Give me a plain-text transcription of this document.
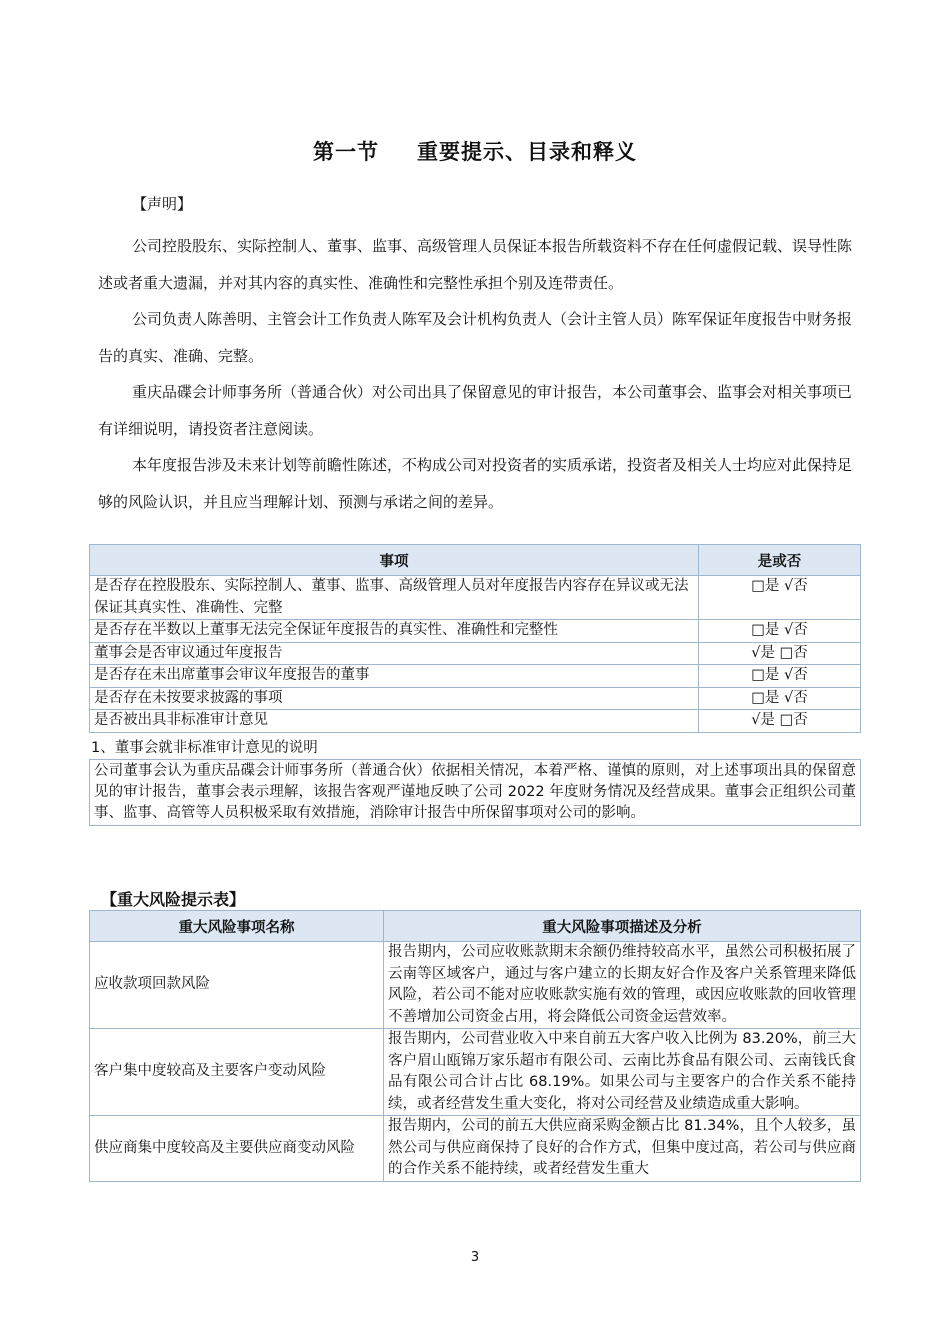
第一节 重要提示、目录和释义
【声明】

公司控股股东、实际控制人、董事、监事、高级管理人员保证本报告所载资料不存在任何虚假记载、误导性陈述或者重大遗漏，并对其内容的真实性、准确性和完整性承担个别及连带责任。

公司负责人陈善明、主管会计工作负责人陈军及会计机构负责人（会计主管人员）陈军保证年度报告中财务报告的真实、准确、完整。

重庆品碟会计师事务所（普通合伙）对公司出具了保留意见的审计报告，本公司董事会、监事会对相关事项已有详细说明，请投资者注意阅读。

本年度报告涉及未来计划等前瞻性陈述，不构成公司对投资者的实质承诺，投资者及相关人士均应对此保持足够的风险认识，并且应当理解计划、预测与承诺之间的差异。

事项	是或否
是否存在控股股东、实际控制人、董事、监事、高级管理人员对年度报告内容存在异议或无法保证其真实性、准确性、完整	□是 √否
是否存在半数以上董事无法完全保证年度报告的真实性、准确性和完整性	□是 √否
董事会是否审议通过年度报告	√是 □否
是否存在未出席董事会审议年度报告的董事	□是 √否
是否存在未按要求披露的事项	□是 √否
是否被出具非标准审计意见	√是 □否
1、董事会就非标准审计意见的说明
公司董事会认为重庆品碟会计师事务所（普通合伙）依据相关情况，本着严格、谨慎的原则，对上述事项出具的保留意见的审计报告，董事会表示理解，该报告客观严谨地反映了公司 2022 年度财务情况及经营成果。董事会正组织公司董事、监事、高管等人员积极采取有效措施，消除审计报告中所保留事项对公司的影响。
【重大风险提示表】
重大风险事项名称	重大风险事项描述及分析
应收款项回款风险	报告期内，公司应收账款期末余额仍维持较高水平，虽然公司积极拓展了云南等区域客户，通过与客户建立的长期友好合作及客户关系管理来降低风险，若公司不能对应收账款实施有效的管理，或因应收账款的回收管理不善增加公司资金占用，将会降低公司资金运营效率。
客户集中度较高及主要客户变动风险	报告期内，公司营业收入中来自前五大客户收入比例为 83.20%，前三大客户眉山瓯锦万家乐超市有限公司、云南比苏食品有限公司、云南钱氏食品有限公司合计占比 68.19%。如果公司与主要客户的合作关系不能持续，或者经营发生重大变化，将对公司经营及业绩造成重大影响。
供应商集中度较高及主要供应商变动风险	报告期内，公司的前五大供应商采购金额占比 81.34%，且个人较多，虽然公司与供应商保持了良好的合作方式，但集中度过高，若公司与供应商的合作关系不能持续，或者经营发生重大
3
